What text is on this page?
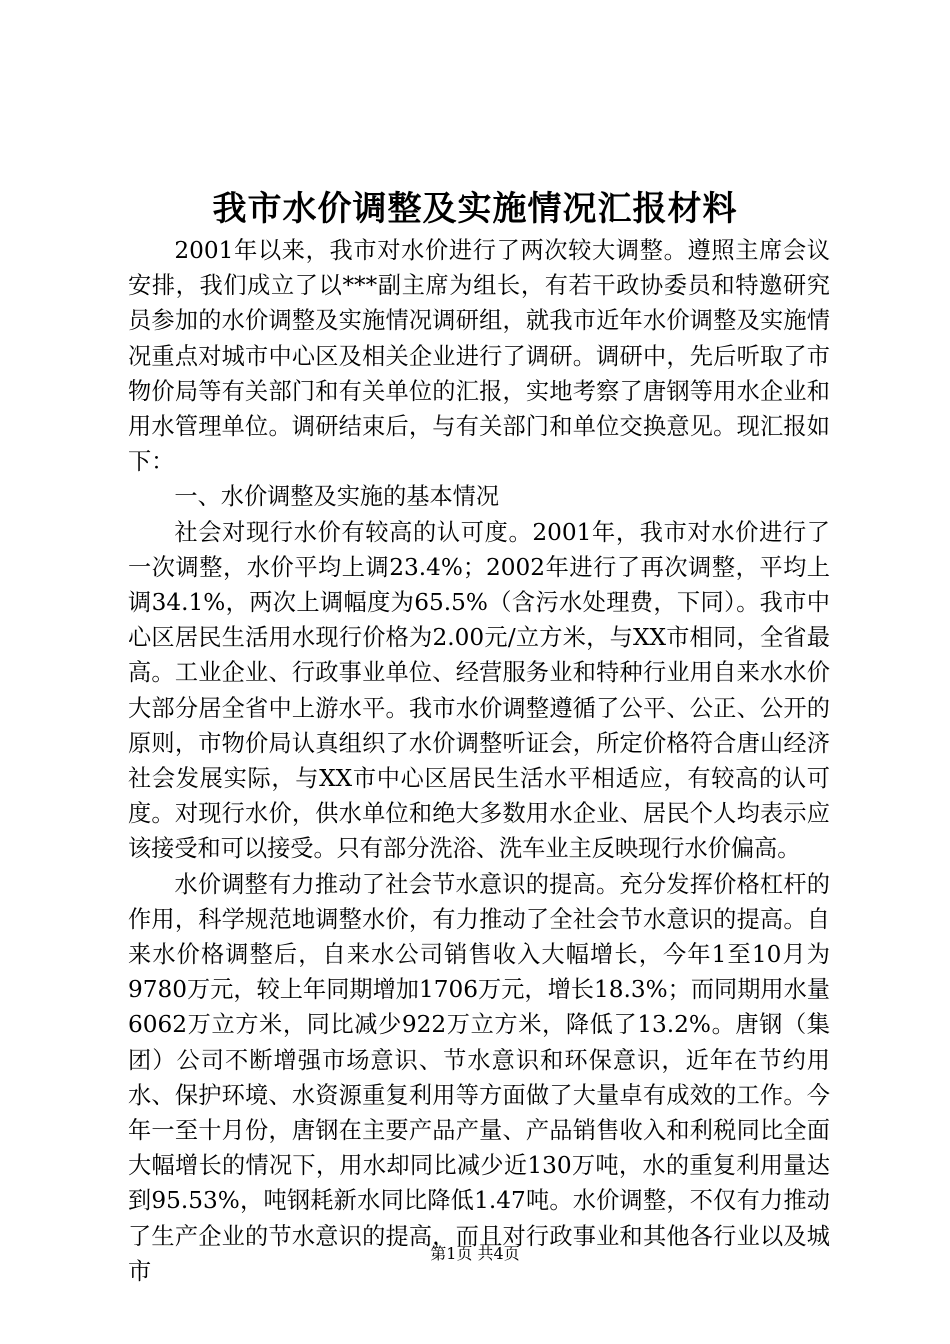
我市水价调整及实施情况汇报材料

2001年以来，我市对水价进行了两次较大调整。遵照主席会议安排，我们成立了以***副主席为组长，有若干政协委员和特邀研究员参加的水价调整及实施情况调研组，就我市近年水价调整及实施情况重点对城市中心区及相关企业进行了调研。调研中，先后听取了市物价局等有关部门和有关单位的汇报，实地考察了唐钢等用水企业和用水管理单位。调研结束后，与有关部门和单位交换意见。现汇报如下：

一、水价调整及实施的基本情况

社会对现行水价有较高的认可度。2001年，我市对水价进行了一次调整，水价平均上调23.4%；2002年进行了再次调整，平均上调34.1%，两次上调幅度为65.5%（含污水处理费，下同）。我市中心区居民生活用水现行价格为2.00元/立方米，与XX市相同，全省最高。工业企业、行政事业单位、经营服务业和特种行业用自来水水价大部分居全省中上游水平。我市水价调整遵循了公平、公正、公开的原则，市物价局认真组织了水价调整听证会，所定价格符合唐山经济社会发展实际，与XX市中心区居民生活水平相适应，有较高的认可度。对现行水价，供水单位和绝大多数用水企业、居民个人均表示应该接受和可以接受。只有部分洗浴、洗车业主反映现行水价偏高。

水价调整有力推动了社会节水意识的提高。充分发挥价格杠杆的作用，科学规范地调整水价，有力推动了全社会节水意识的提高。自来水价格调整后，自来水公司销售收入大幅增长，今年1至10月为9780万元，较上年同期增加1706万元，增长18.3%；而同期用水量6062万立方米，同比减少922万立方米，降低了13.2%。唐钢（集团）公司不断增强市场意识、节水意识和环保意识，近年在节约用水、保护环境、水资源重复利用等方面做了大量卓有成效的工作。今年一至十月份，唐钢在主要产品产量、产品销售收入和利税同比全面大幅增长的情况下，用水却同比减少近130万吨，水的重复利用量达到95.53%，吨钢耗新水同比降低1.47吨。水价调整，不仅有力推动了生产企业的节水意识的提高，而且对行政事业和其他各行业以及城市

第1页 共4页
